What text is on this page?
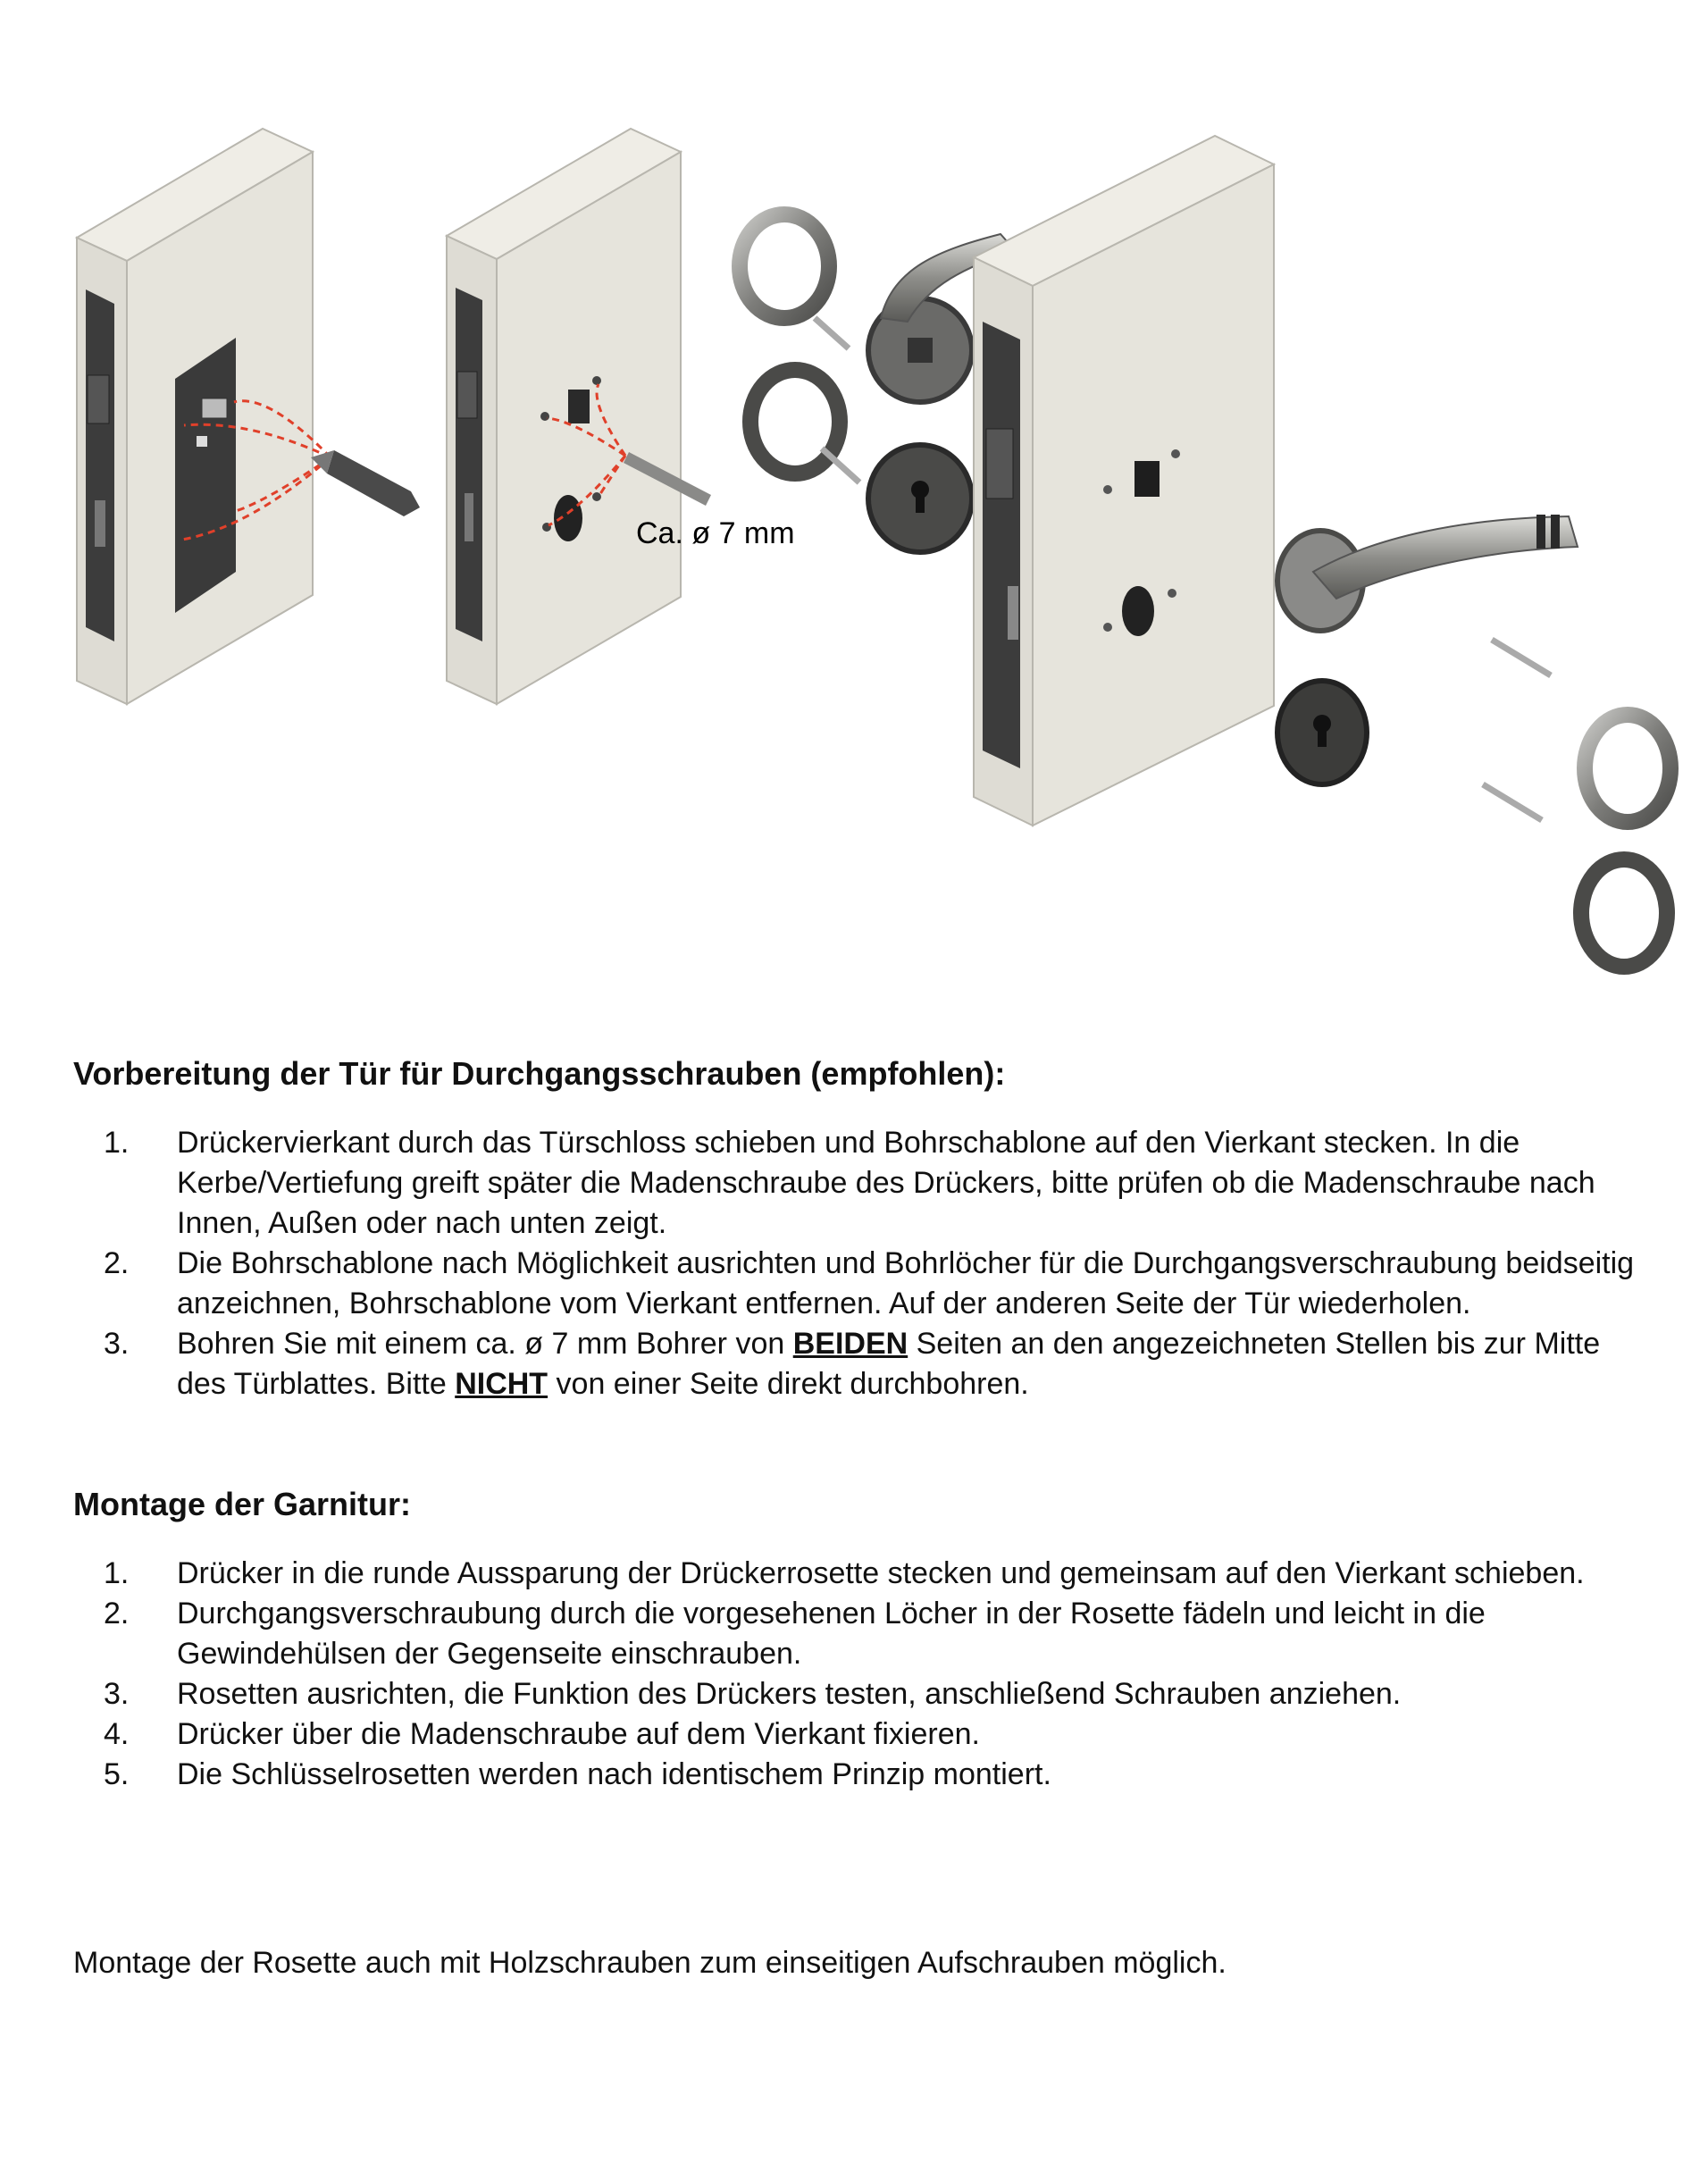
Ca. ø 7 mm
Vorbereitung der Tür für Durchgangsschrauben (empfohlen):
1. Drückervierkant durch das Türschloss schieben und Bohrschablone auf den Vierkant stecken. In die Kerbe/Vertiefung greift später die Madenschraube des Drückers, bitte prüfen ob die Madenschraube nach Innen, Außen oder nach unten zeigt.
2. Die Bohrschablone nach Möglichkeit ausrichten und Bohrlöcher für die Durchgangsverschraubung beidseitig anzeichnen, Bohrschablone vom Vierkant entfernen. Auf der anderen Seite der Tür wiederholen.
3. Bohren Sie mit einem ca. ø 7 mm Bohrer von BEIDEN Seiten an den angezeichneten Stellen bis zur Mitte des Türblattes. Bitte NICHT von einer Seite direkt durchbohren.
Montage der Garnitur:
1. Drücker in die runde Aussparung der Drückerrosette stecken und gemeinsam auf den Vierkant schieben.
2. Durchgangsverschraubung durch die vorgesehenen Löcher in der Rosette fädeln und leicht in die Gewindehülsen der Gegenseite einschrauben.
3. Rosetten ausrichten, die Funktion des Drückers testen, anschließend Schrauben anziehen.
4. Drücker über die Madenschraube auf dem Vierkant fixieren.
5. Die Schlüsselrosetten werden nach identischem Prinzip montiert.
Montage der Rosette auch mit Holzschrauben zum einseitigen Aufschrauben möglich.
